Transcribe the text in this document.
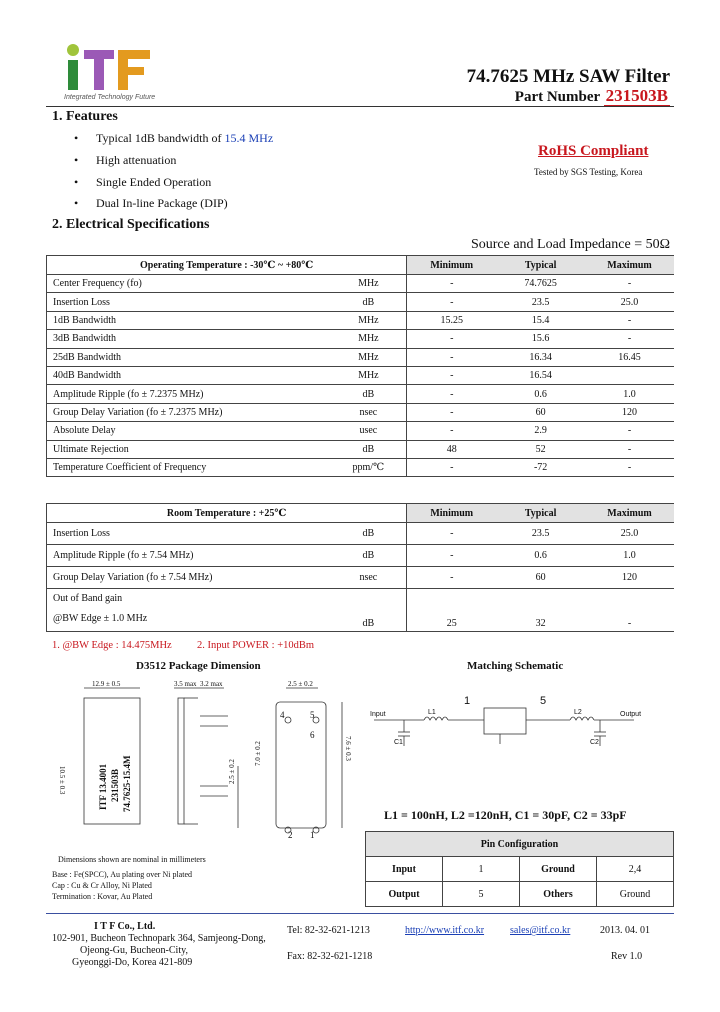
Integrated Technology Future
74.7625 MHz SAW Filter
Part Number 231503B
1. Features
• Typical 1dB bandwidth of 15.4 MHz
• High attenuation
• Single Ended Operation
• Dual In-line Package (DIP)
RoHS Compliant
Tested by SGS Testing, Korea
2. Electrical Specifications
Source and Load Impedance = 50Ω
Operating Temperature : -30℃ ~ +80℃		Minimum	Typical	Maximum
Center Frequency (fo)	MHz	-	74.7625	-
Insertion Loss	dB	-	23.5	25.0
1dB Bandwidth	MHz	15.25	15.4	-
3dB Bandwidth	MHz	-	15.6	-
25dB Bandwidth	MHz	-	16.34	16.45
40dB Bandwidth	MHz	-	16.54	
Amplitude Ripple (fo ± 7.2375 MHz)	dB	-	0.6	1.0
Group Delay Variation (fo ± 7.2375 MHz)	nsec	-	60	120
Absolute Delay	usec	-	2.9	-
Ultimate Rejection	dB	48	52	-
Temperature Coefficient of Frequency	ppm/℃	-	-72	-
Room Temperature : +25℃		Minimum	Typical	Maximum
Insertion Loss	dB	-	23.5	25.0
Amplitude Ripple (fo ± 7.54 MHz)	dB	-	0.6	1.0
Group Delay Variation (fo ± 7.54 MHz)	nsec	-	60	120

Out of Band gain
@BW Edge ± 1.0 MHz	dB	25	32	-
1. @BW Edge : 14.475MHz 2. Input POWER : +10dBm
D3512 Package Dimension
12.9 ± 0.5	3.5 max 3.2 max	2.5 ± 0.2
10.5 ± 0.3
7.6 ± 0.3
2.5 ± 0.2
7.0 ± 0.2
ITF 13.4001 231503B 74.7625-15.4M
2 1
5
6
4
Dimensions shown are nominal in millimeters
Base : Fe(SPCC), Au plating over Ni plated
Cap : Cu & Cr Alloy, Ni Plated
Termination : Kovar, Au Plated
Matching Schematic
Input	Output
L1	L2
C1	C2
1	5
L1 = 100nH, L2 =120nH, C1 = 30pF, C2 = 33pF
Pin Configuration			
Input	1	Ground	2,4
Output	5	Others	Ground
I T F Co., Ltd.
102-901, Bucheon Technopark 364, Samjeong-Dong,
Ojeong-Gu, Bucheon-City,
Gyeonggi-Do, Korea 421-809
Tel: 82-32-621-1213
Fax: 82-32-621-1218
http://www.itf.co.kr	sales@itf.co.kr	2013. 04. 01
Rev 1.0
